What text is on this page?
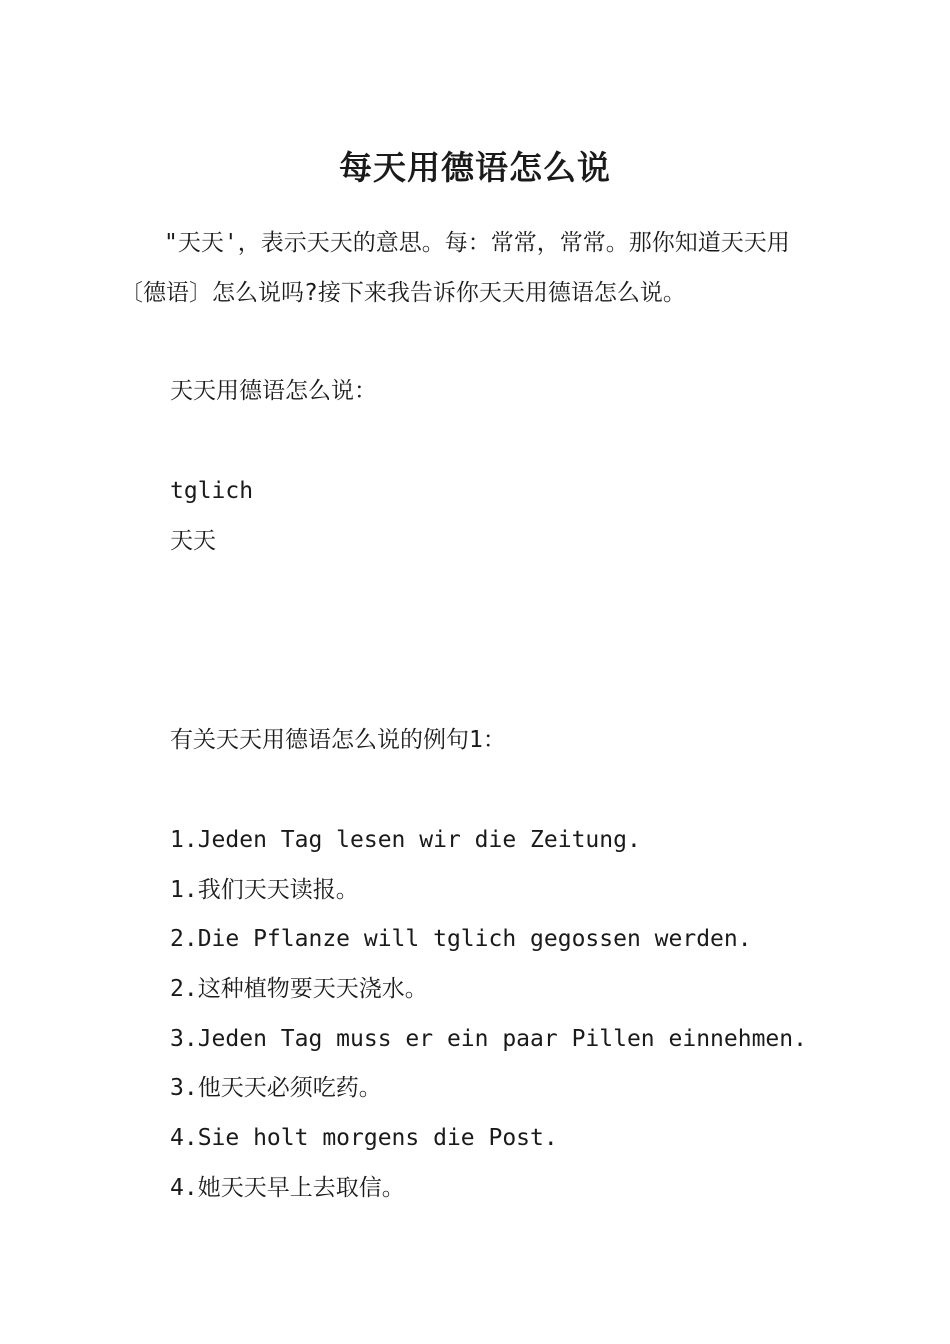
每天用德语怎么说

"天天'，表示天天的意思。每：常常，常常。那你知道天天用〔德语〕怎么说吗?接下来我告诉你天天用德语怎么说。

天天用德语怎么说：

tglich

天天

有关天天用德语怎么说的例句1：

1.Jeden Tag lesen wir die Zeitung.

1.我们天天读报。

2.Die Pflanze will tglich gegossen werden.

2.这种植物要天天浇水。

3.Jeden Tag muss er ein paar Pillen einnehmen.

3.他天天必须吃药。

4.Sie holt morgens die Post.

4.她天天早上去取信。
